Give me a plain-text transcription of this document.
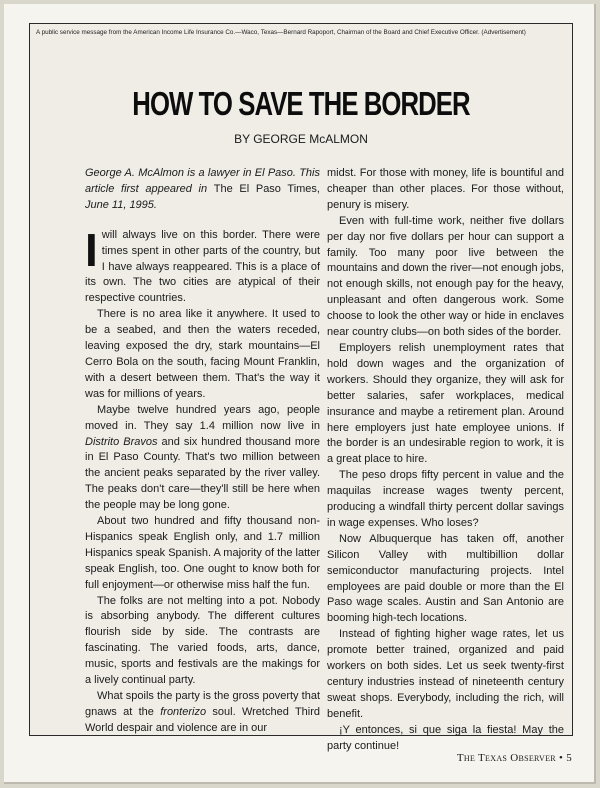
A public service message from the American Income Life Insurance Co.—Waco, Texas—Bernard Rapoport, Chairman of the Board and Chief Executive Officer. (Advertisement)
HOW TO SAVE THE BORDER
BY GEORGE McALMON

George A. McAlmon is a lawyer in El Paso. This article first appeared in The El Paso Times, June 11, 1995.

Iwill always live on this border. There were times spent in other parts of the country, but I have always reappeared. This is a place of its own. The two cities are atypical of their respective countries.

There is no area like it anywhere. It used to be a seabed, and then the waters receded, leaving exposed the dry, stark mountains—El Cerro Bola on the south, facing Mount Franklin, with a desert between them. That's the way it was for millions of years.

Maybe twelve hundred years ago, people moved in. They say 1.4 million now live in Distrito Bravos and six hundred thousand more in El Paso County. That's two million between the ancient peaks separated by the river valley. The peaks don't care—they'll still be here when the people may be long gone.

About two hundred and fifty thousand non-Hispanics speak English only, and 1.7 million Hispanics speak Spanish. A majority of the latter speak English, too. One ought to know both for full enjoyment—or otherwise miss half the fun.

The folks are not melting into a pot. Nobody is absorbing anybody. The different cultures flourish side by side. The contrasts are fascinating. The varied foods, arts, dance, music, sports and festivals are the makings for a lively continual party.

What spoils the party is the gross poverty that gnaws at the fronterizo soul. Wretched Third World despair and violence are in our

midst. For those with money, life is bountiful and cheaper than other places. For those without, penury is misery.

Even with full-time work, neither five dollars per day nor five dollars per hour can support a family. Too many poor live between the mountains and down the river—not enough jobs, not enough skills, not enough pay for the heavy, unpleasant and often dangerous work. Some choose to look the other way or hide in enclaves near country clubs—on both sides of the border.

Employers relish unemployment rates that hold down wages and the organization of workers. Should they organize, they will ask for better salaries, safer workplaces, medical insurance and maybe a retirement plan. Around here employers just hate employee unions. If the border is an undesirable region to work, it is a great place to hire.

The peso drops fifty percent in value and the maquilas increase wages twenty percent, producing a windfall thirty percent dollar savings in wage expenses. Who loses?

Now Albuquerque has taken off, another Silicon Valley with multibillion dollar semiconductor manufacturing projects. Intel employees are paid double or more than the El Paso wage scales. Austin and San Antonio are booming high-tech locations.

Instead of fighting higher wage rates, let us promote better trained, organized and paid workers on both sides. Let us seek twenty-first century industries instead of nineteenth century sweat shops. Everybody, including the rich, will benefit.

¡Y entonces, si que siga la fiesta! May the party continue!

The Texas Observer • 5
